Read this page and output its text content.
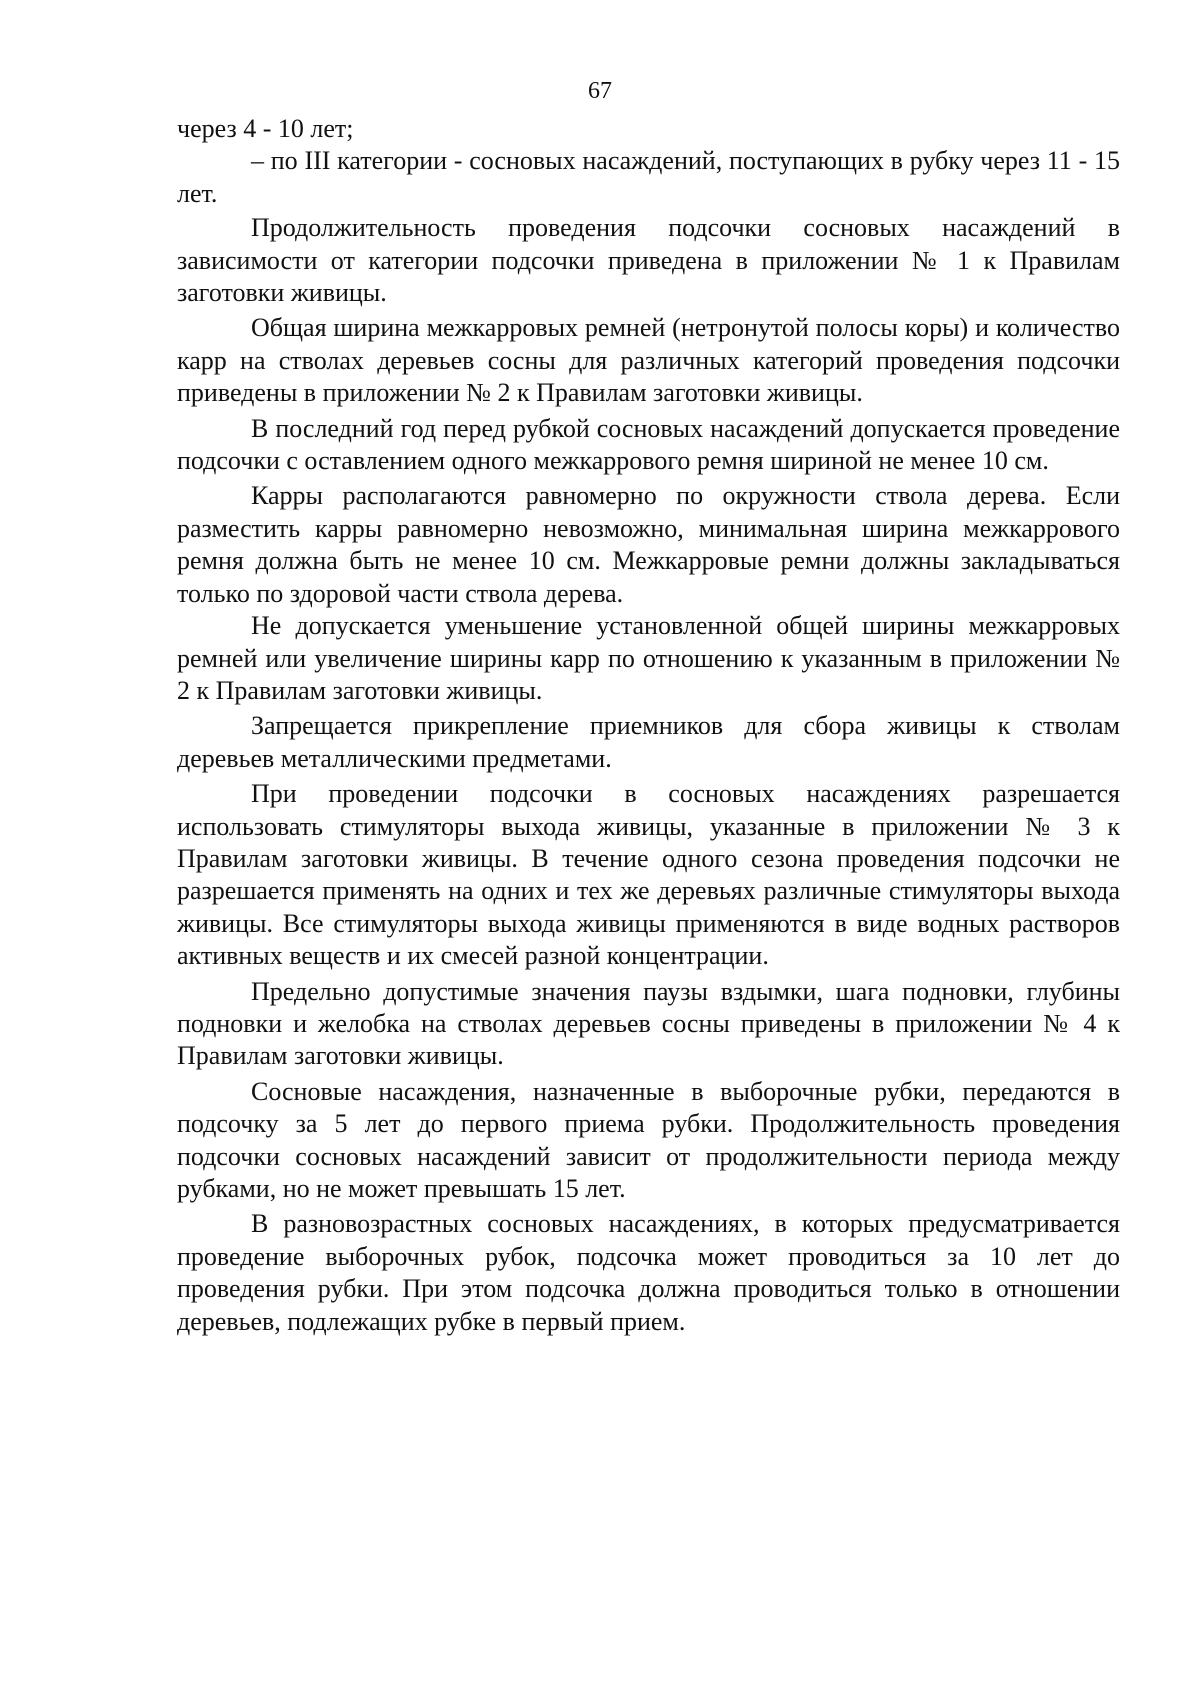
67

через 4 - 10 лет;

– по III категории - сосновых насаждений, поступающих в рубку через 11 - 15 лет.

Продолжительность проведения подсочки сосновых насаждений в зависимости от категории подсочки приведена в приложении № 1 к Правилам заготовки живицы.

Общая ширина межкарровых ремней (нетронутой полосы коры) и количество карр на стволах деревьев сосны для различных категорий проведения подсочки приведены в приложении № 2 к Правилам заготовки живицы.

В последний год перед рубкой сосновых насаждений допускается проведение подсочки с оставлением одного межкаррового ремня шириной не менее 10 см.

Карры располагаются равномерно по окружности ствола дерева. Если разместить карры равномерно невозможно, минимальная ширина межкаррового ремня должна быть не менее 10 см. Межкарровые ремни должны закладываться только по здоровой части ствола дерева.

Не допускается уменьшение установленной общей ширины межкарровых ремней или увеличение ширины карр по отношению к указанным в приложении № 2 к Правилам заготовки живицы.

Запрещается прикрепление приемников для сбора живицы к стволам деревьев металлическими предметами.

При проведении подсочки в сосновых насаждениях разрешается использовать стимуляторы выхода живицы, указанные в приложении № 3 к Правилам заготовки живицы. В течение одного сезона проведения подсочки не разрешается применять на одних и тех же деревьях различные стимуляторы выхода живицы. Все стимуляторы выхода живицы применяются в виде водных растворов активных веществ и их смесей разной концентрации.

Предельно допустимые значения паузы вздымки, шага подновки, глубины подновки и желобка на стволах деревьев сосны приведены в приложении № 4 к Правилам заготовки живицы.

Сосновые насаждения, назначенные в выборочные рубки, передаются в подсочку за 5 лет до первого приема рубки. Продолжительность проведения подсочки сосновых насаждений зависит от продолжительности периода между рубками, но не может превышать 15 лет.

В разновозрастных сосновых насаждениях, в которых предусматривается проведение выборочных рубок, подсочка может проводиться за 10 лет до проведения рубки. При этом подсочка должна проводиться только в отношении деревьев, подлежащих рубке в первый прием.
